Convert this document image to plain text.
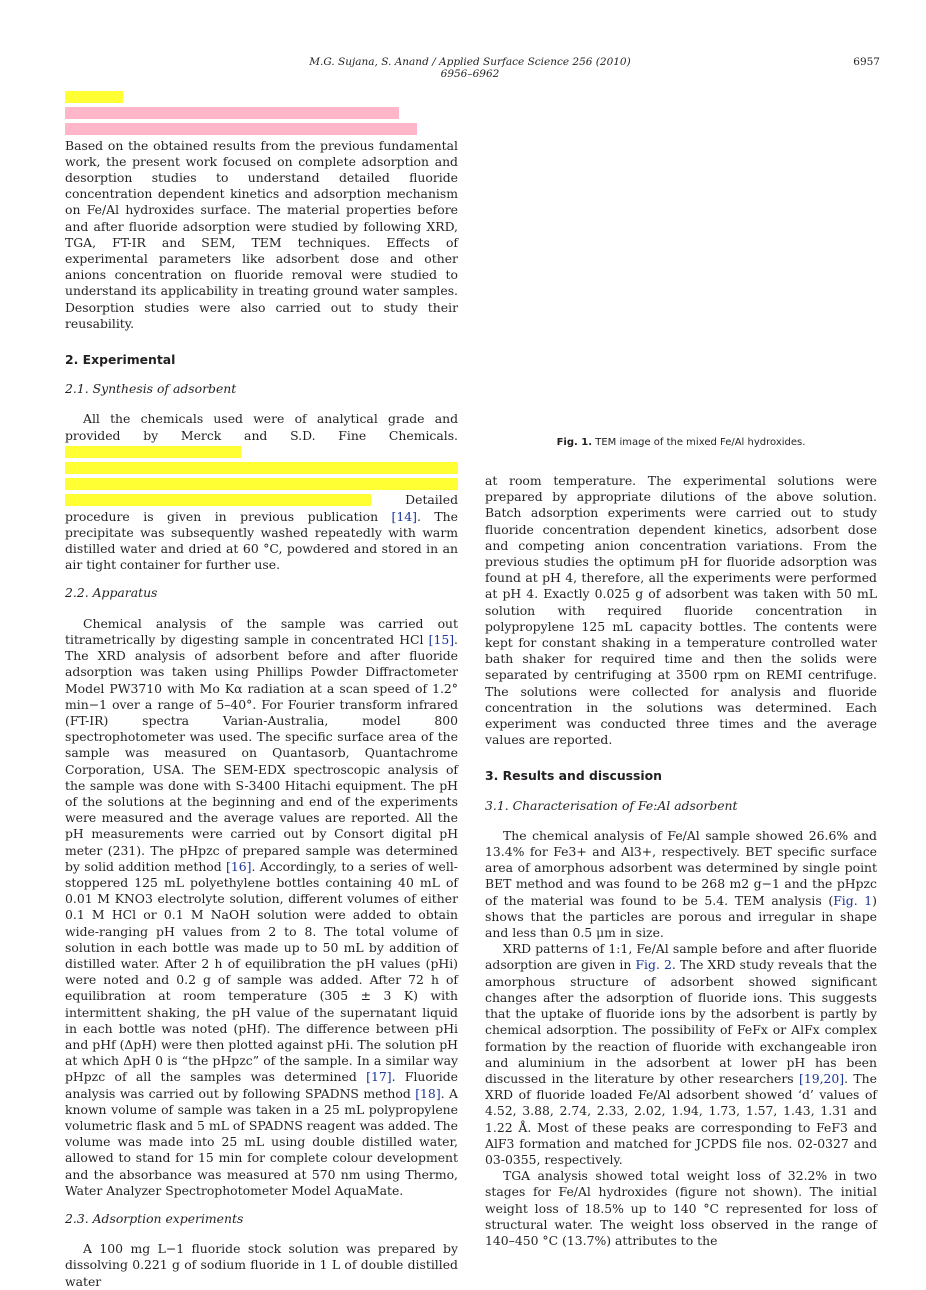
M.G. Sujana, S. Anand / Applied Surface Science 256 (2010) 6956–6962
6957

Based on the obtained results from the previous fundamental work, the present work focused on complete adsorption and desorption studies to understand detailed fluoride concentration dependent kinetics and adsorption mechanism on Fe/Al hydroxides surface. The material properties before and after fluoride adsorption were studied by following XRD, TGA, FT-IR and SEM, TEM techniques. Effects of experimental parameters like adsorbent dose and other anions concentration on fluoride removal were studied to understand its applicability in treating ground water samples. Desorption studies were also carried out to study their reusability.

2. Experimental
2.1. Synthesis of adsorbent

All the chemicals used were of analytical grade and provided by Merck and S.D. Fine Chemicals.

Detailed procedure is given in previous publication [14]. The precipitate was subsequently washed repeatedly with warm distilled water and dried at 60 °C, powdered and stored in an air tight container for further use.

2.2. Apparatus

Chemical analysis of the sample was carried out titrametrically by digesting sample in concentrated HCl [15]. The XRD analysis of adsorbent before and after fluoride adsorption was taken using Phillips Powder Diffractometer Model PW3710 with Mo Kα radiation at a scan speed of 1.2° min−1 over a range of 5–40°. For Fourier transform infrared (FT-IR) spectra Varian-Australia, model 800 spectrophotometer was used. The specific surface area of the sample was measured on Quantasorb, Quantachrome Corporation, USA. The SEM-EDX spectroscopic analysis of the sample was done with S-3400 Hitachi equipment. The pH of the solutions at the beginning and end of the experiments were measured and the average values are reported. All the pH measurements were carried out by Consort digital pH meter (231). The pHpzc of prepared sample was determined by solid addition method [16]. Accordingly, to a series of well-stoppered 125 mL polyethylene bottles containing 40 mL of 0.01 M KNO3 electrolyte solution, different volumes of either 0.1 M HCl or 0.1 M NaOH solution were added to obtain wide-ranging pH values from 2 to 8. The total volume of solution in each bottle was made up to 50 mL by addition of distilled water. After 2 h of equilibration the pH values (pHi) were noted and 0.2 g of sample was added. After 72 h of equilibration at room temperature (305 ± 3 K) with intermittent shaking, the pH value of the supernatant liquid in each bottle was noted (pHf). The difference between pHi and pHf (ΔpH) were then plotted against pHi. The solution pH at which ΔpH 0 is “the pHpzc” of the sample. In a similar way pHpzc of all the samples was determined [17]. Fluoride analysis was carried out by following SPADNS method [18]. A known volume of sample was taken in a 25 mL polypropylene volumetric flask and 5 mL of SPADNS reagent was added. The volume was made into 25 mL using double distilled water, allowed to stand for 15 min for complete colour development and the absorbance was measured at 570 nm using Thermo, Water Analyzer Spectrophotometer Model AquaMate.

2.3. Adsorption experiments

A 100 mg L−1 fluoride stock solution was prepared by dissolving 0.221 g of sodium fluoride in 1 L of double distilled water

Fig. 1. TEM image of the mixed Fe/Al hydroxides.

at room temperature. The experimental solutions were prepared by appropriate dilutions of the above solution. Batch adsorption experiments were carried out to study fluoride concentration dependent kinetics, adsorbent dose and competing anion concentration variations. From the previous studies the optimum pH for fluoride adsorption was found at pH 4, therefore, all the experiments were performed at pH 4. Exactly 0.025 g of adsorbent was taken with 50 mL solution with required fluoride concentration in polypropylene 125 mL capacity bottles. The contents were kept for constant shaking in a temperature controlled water bath shaker for required time and then the solids were separated by centrifuging at 3500 rpm on REMI centrifuge. The solutions were collected for analysis and fluoride concentration in the solutions was determined. Each experiment was conducted three times and the average values are reported.

3. Results and discussion
3.1. Characterisation of Fe:Al adsorbent

The chemical analysis of Fe/Al sample showed 26.6% and 13.4% for Fe3+ and Al3+, respectively. BET specific surface area of amorphous adsorbent was determined by single point BET method and was found to be 268 m2 g−1 and the pHpzc of the material was found to be 5.4. TEM analysis (Fig. 1) shows that the particles are porous and irregular in shape and less than 0.5 μm in size.

XRD patterns of 1:1, Fe/Al sample before and after fluoride adsorption are given in Fig. 2. The XRD study reveals that the amorphous structure of adsorbent showed significant changes after the adsorption of fluoride ions. This suggests that the uptake of fluoride ions by the adsorbent is partly by chemical adsorption. The possibility of FeFx or AlFx complex formation by the reaction of fluoride with exchangeable iron and aluminium in the adsorbent at lower pH has been discussed in the literature by other researchers [19,20]. The XRD of fluoride loaded Fe/Al adsorbent showed ‘d’ values of 4.52, 3.88, 2.74, 2.33, 2.02, 1.94, 1.73, 1.57, 1.43, 1.31 and 1.22 Å. Most of these peaks are corresponding to FeF3 and AlF3 formation and matched for JCPDS file nos. 02-0327 and 03-0355, respectively.

TGA analysis showed total weight loss of 32.2% in two stages for Fe/Al hydroxides (figure not shown). The initial weight loss of 18.5% up to 140 °C represented for loss of structural water. The weight loss observed in the range of 140–450 °C (13.7%) attributes to the
